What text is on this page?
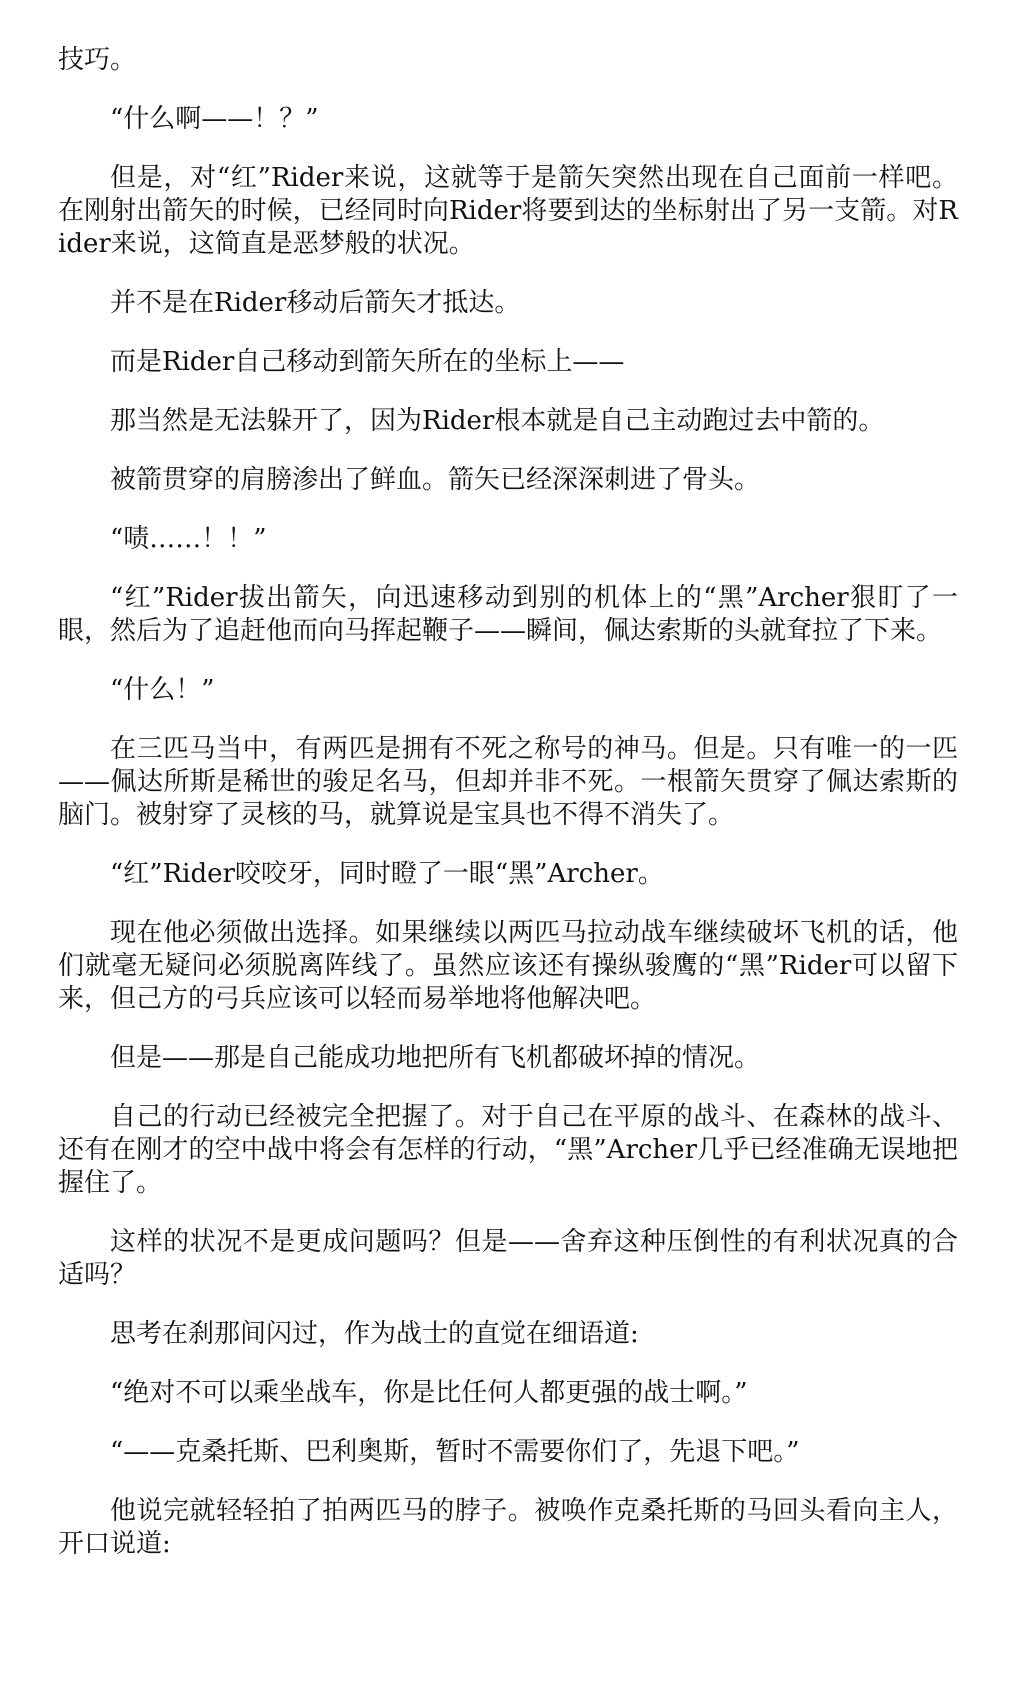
技巧。

“什么啊——！？”

但是，对“红”Rider来说，这就等于是箭矢突然出现在自己面前一样吧。在刚射出箭矢的时候，已经同时向Rider将要到达的坐标射出了另一支箭。对Rider来说，这简直是恶梦般的状况。

并不是在Rider移动后箭矢才抵达。

而是Rider自己移动到箭矢所在的坐标上——

那当然是无法躲开了，因为Rider根本就是自己主动跑过去中箭的。

被箭贯穿的肩膀渗出了鲜血。箭矢已经深深刺进了骨头。

“啧……！！”

“红”Rider拔出箭矢，向迅速移动到别的机体上的“黑”Archer狠盯了一眼，然后为了追赶他而向马挥起鞭子——瞬间，佩达索斯的头就耷拉了下来。

“什么！”

在三匹马当中，有两匹是拥有不死之称号的神马。但是。只有唯一的一匹——佩达所斯是稀世的骏足名马，但却并非不死。一根箭矢贯穿了佩达索斯的脑门。被射穿了灵核的马，就算说是宝具也不得不消失了。

“红”Rider咬咬牙，同时瞪了一眼“黑”Archer。

现在他必须做出选择。如果继续以两匹马拉动战车继续破坏飞机的话，他们就毫无疑问必须脱离阵线了。虽然应该还有操纵骏鹰的“黑”Rider可以留下来，但己方的弓兵应该可以轻而易举地将他解决吧。

但是——那是自己能成功地把所有飞机都破坏掉的情况。

自己的行动已经被完全把握了。对于自己在平原的战斗、在森林的战斗、还有在刚才的空中战中将会有怎样的行动，“黑”Archer几乎已经准确无误地把握住了。

这样的状况不是更成问题吗？但是——舍弃这种压倒性的有利状况真的合适吗？

思考在刹那间闪过，作为战士的直觉在细语道:

“绝对不可以乘坐战车，你是比任何人都更强的战士啊。”

“——克桑托斯、巴利奥斯，暂时不需要你们了，先退下吧。”

他说完就轻轻拍了拍两匹马的脖子。被唤作克桑托斯的马回头看向主人，开口说道:
